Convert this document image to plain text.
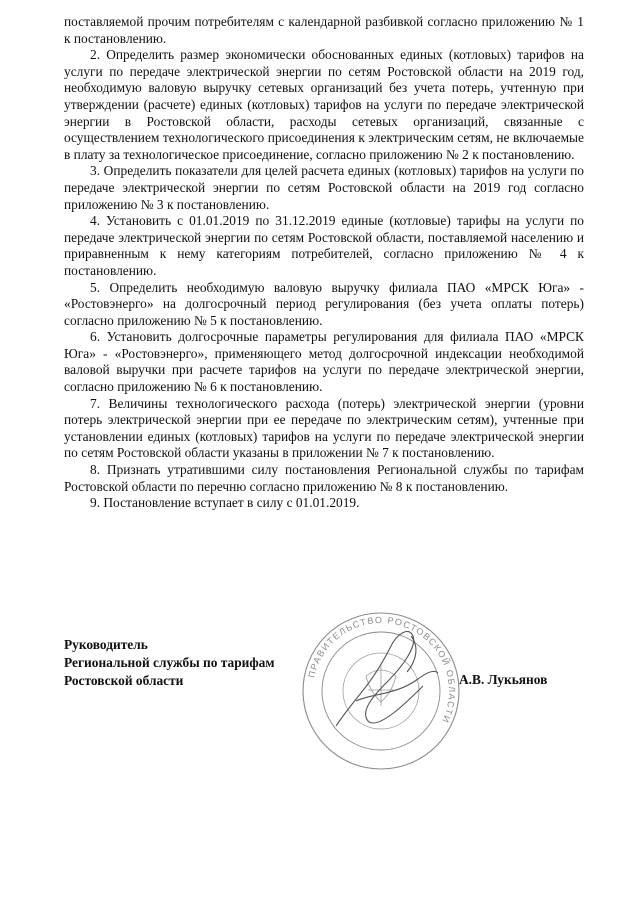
поставляемой прочим потребителям с календарной разбивкой согласно приложению № 1 к постановлению.

2. Определить размер экономически обоснованных единых (котловых) тарифов на услуги по передаче электрической энергии по сетям Ростовской области на 2019 год, необходимую валовую выручку сетевых организаций без учета потерь, учтенную при утверждении (расчете) единых (котловых) тарифов на услуги по передаче электрической энергии в Ростовской области, расходы сетевых организаций, связанные с осуществлением технологического присоединения к электрическим сетям, не включаемые в плату за технологическое присоединение, согласно приложению № 2 к постановлению.

3. Определить показатели для целей расчета единых (котловых) тарифов на услуги по передаче электрической энергии по сетям Ростовской области на 2019 год согласно приложению № 3 к постановлению.

4. Установить с 01.01.2019 по 31.12.2019 единые (котловые) тарифы на услуги по передаче электрической энергии по сетям Ростовской области, поставляемой населению и приравненным к нему категориям потребителей, согласно приложению № 4 к постановлению.

5. Определить необходимую валовую выручку филиала ПАО «МРСК Юга» - «Ростовэнерго» на долгосрочный период регулирования (без учета оплаты потерь) согласно приложению № 5 к постановлению.

6. Установить долгосрочные параметры регулирования для филиала ПАО «МРСК Юга» - «Ростовэнерго», применяющего метод долгосрочной индексации необходимой валовой выручки при расчете тарифов на услуги по передаче электрической энергии, согласно приложению № 6 к постановлению.

7. Величины технологического расхода (потерь) электрической энергии (уровни потерь электрической энергии при ее передаче по электрическим сетям), учтенные при установлении единых (котловых) тарифов на услуги по передаче электрической энергии по сетям Ростовской области указаны в приложении № 7 к постановлению.

8. Признать утратившими силу постановления Региональной службы по тарифам Ростовской области по перечню согласно приложению № 8 к постановлению.

9. Постановление вступает в силу с 01.01.2019.

Руководитель
Региональной службы по тарифам
Ростовской области	ПРАВИТЕЛЬСТВО РОСТОВСКОЙ ОБЛАСТИ
А.В. Лукьянов
